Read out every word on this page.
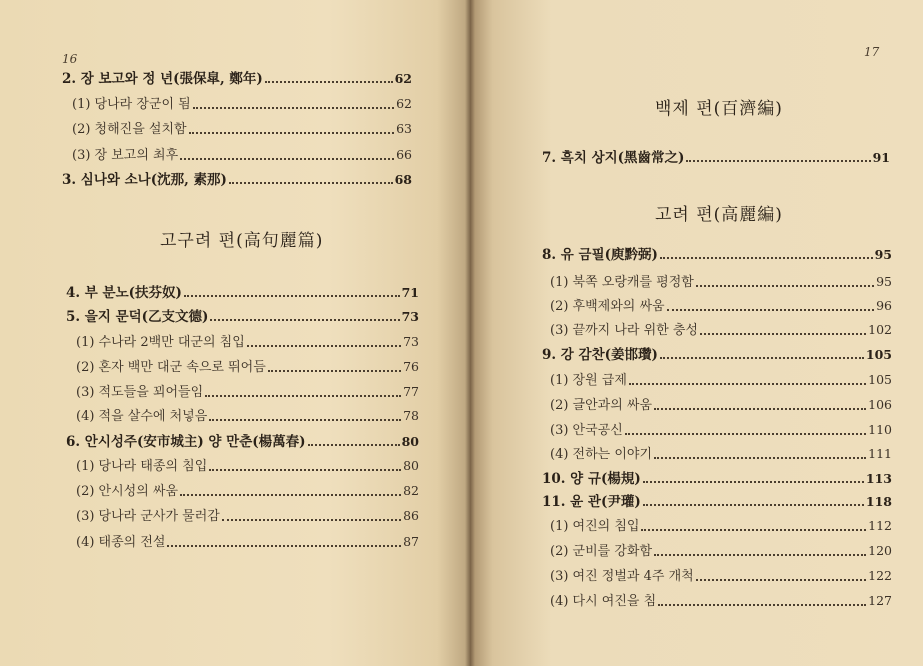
16	17
고구려 편(高句麗篇)
백제 편(百濟編)
고려 편(高麗編)
2. 장 보고와 정 년(張保皐, 鄭年)	62
(1) 당나라 장군이 됨	62
(2) 청해진을 설치함	63
(3) 장 보고의 최후	66
3. 심나와 소나(沈那, 素那)	68
4. 부 분노(扶芬奴)	71
5. 을지 문덕(乙支文德)	73
(1) 수나라 2백만 대군의 침입	73
(2) 혼자 백만 대군 속으로 뛰어듬	76
(3) 적도들을 꾀어들임	77
(4) 적을 살수에 처넣음	78
6. 안시성주(安市城主) 양 만춘(楊萬春)	80
(1) 당나라 태종의 침입	80
(2) 안시성의 싸움	82
(3) 당나라 군사가 물러감	86
(4) 태종의 전설	87
7. 흑치 상지(黑齒常之)	91
8. 유 금필(庾黔弼)	95
(1) 북쪽 오랑캐를 평정함	95
(2) 후백제와의 싸움	96
(3) 끝까지 나라 위한 충성	102
9. 강 감찬(姜邯瓚)	105
(1) 장원 급제	105
(2) 글안과의 싸움	106
(3) 안국공신	110
(4) 전하는 이야기	111
10. 양 규(楊規)	113
11. 윤 관(尹瓘)	118
(1) 여진의 침입	112
(2) 군비를 강화함	120
(3) 여진 정벌과 4주 개척	122
(4) 다시 여진을 침	127
